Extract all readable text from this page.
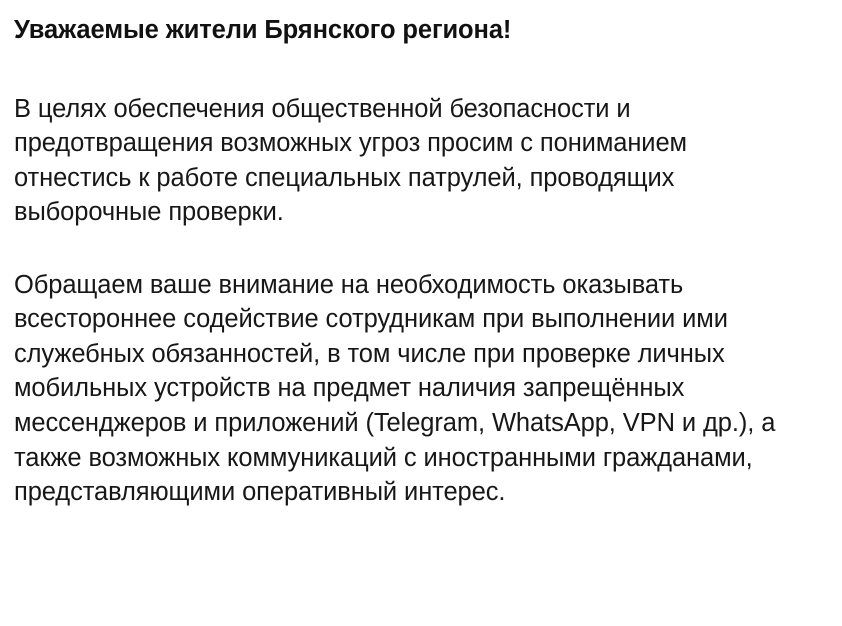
Уважаемые жители Брянского региона!

В целях обеспечения общественной безопасности и предотвращения возможных угроз просим с пониманием отнестись к работе специальных патрулей, проводящих выборочные проверки.

Обращаем ваше внимание на необходимость оказывать всестороннее содействие сотрудникам при выполнении ими служебных обязанностей, в том числе при проверке личных мобильных устройств на предмет наличия запрещённых мессенджеров и приложений (Telegram, WhatsApp, VPN и др.), а также возможных коммуникаций с иностранными гражданами, представляющими оперативный интерес.
